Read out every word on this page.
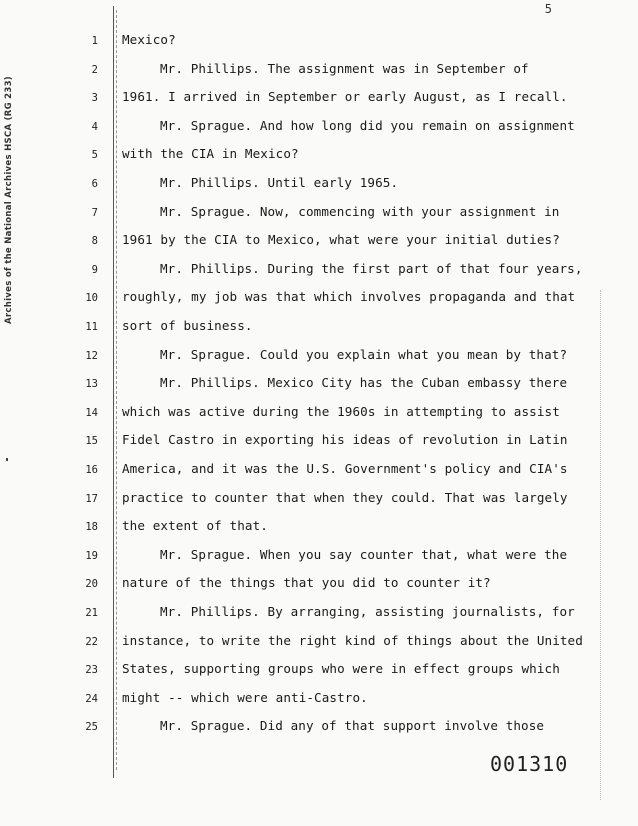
5
Archives of the National Archives HSCA (RG 233)
1 Mexico?
2	Mr. Phillips. The assignment was in September of
3 1961. I arrived in September or early August, as I recall.
4	Mr. Sprague. And how long did you remain on assignment
5 with the CIA in Mexico?
6	Mr. Phillips. Until early 1965.
7	Mr. Sprague. Now, commencing with your assignment in
8 1961 by the CIA to Mexico, what were your initial duties?
9	Mr. Phillips. During the first part of that four years,
10 roughly, my job was that which involves propaganda and that
11 sort of business.
12	Mr. Sprague. Could you explain what you mean by that?
13	Mr. Phillips. Mexico City has the Cuban embassy there
14 which was active during the 1960s in attempting to assist
15 Fidel Castro in exporting his ideas of revolution in Latin
16 America, and it was the U.S. Government's policy and CIA's
17 practice to counter that when they could. That was largely
18 the extent of that.
19	Mr. Sprague. When you say counter that, what were the
20 nature of the things that you did to counter it?
21	Mr. Phillips. By arranging, assisting journalists, for
22 instance, to write the right kind of things about the United
23 States, supporting groups who were in effect groups which
24 might -- which were anti-Castro.
25	Mr. Sprague. Did any of that support involve those
001310
